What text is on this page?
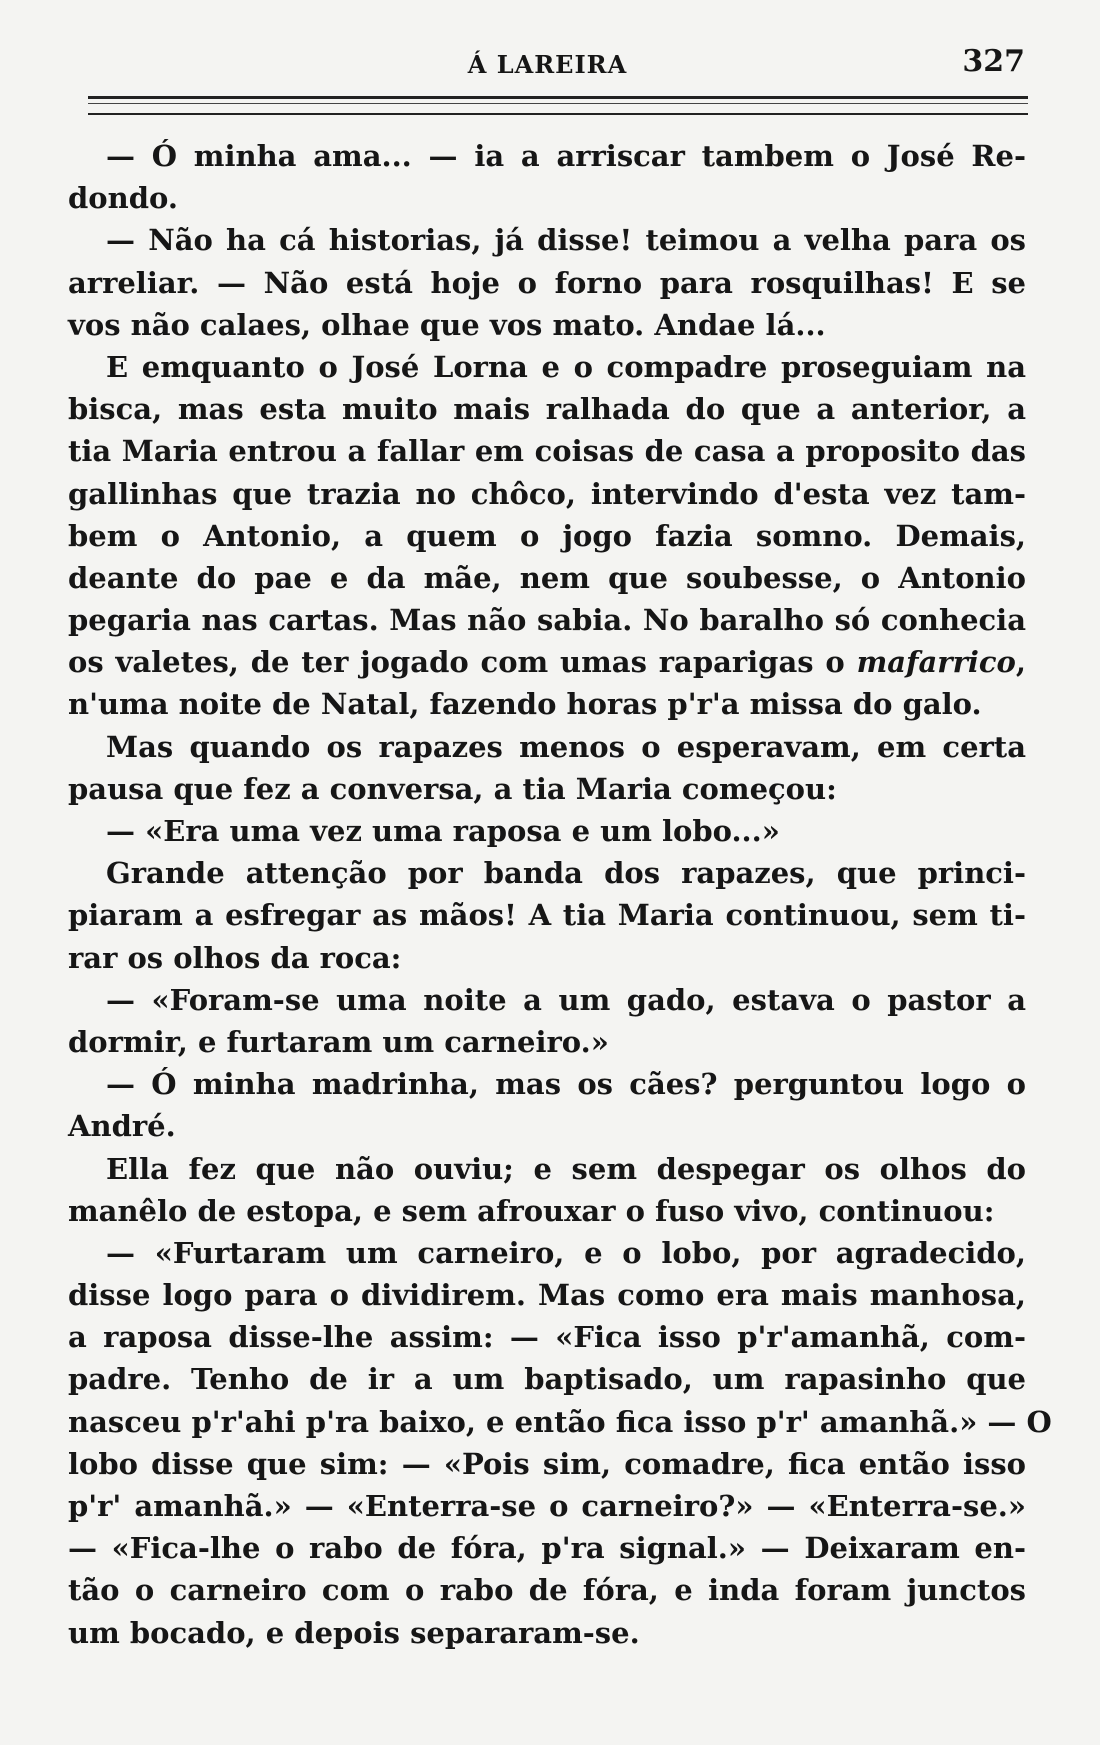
Á LAREIRA	327
— Ó minha ama... — ia a arriscar tambem o José Re-
dondo.
— Não ha cá historias, já disse! teimou a velha para os
arreliar. — Não está hoje o forno para rosquilhas! E se
vos não calaes, olhae que vos mato. Andae lá...
E emquanto o José Lorna e o compadre proseguiam na
bisca, mas esta muito mais ralhada do que a anterior, a
tia Maria entrou a fallar em coisas de casa a proposito das
gallinhas que trazia no chôco, intervindo d'esta vez tam-
bem o Antonio, a quem o jogo fazia somno. Demais,
deante do pae e da mãe, nem que soubesse, o Antonio
pegaria nas cartas. Mas não sabia. No baralho só conhecia
os valetes, de ter jogado com umas raparigas o mafarrico,
n'uma noite de Natal, fazendo horas p'r'a missa do galo.
Mas quando os rapazes menos o esperavam, em certa
pausa que fez a conversa, a tia Maria começou:
— «Era uma vez uma raposa e um lobo...»
Grande attenção por banda dos rapazes, que princi-
piaram a esfregar as mãos! A tia Maria continuou, sem ti-
rar os olhos da roca:
— «Foram-se uma noite a um gado, estava o pastor a
dormir, e furtaram um carneiro.»
— Ó minha madrinha, mas os cães? perguntou logo o
André.
Ella fez que não ouviu; e sem despegar os olhos do
manêlo de estopa, e sem afrouxar o fuso vivo, continuou:
— «Furtaram um carneiro, e o lobo, por agradecido,
disse logo para o dividirem. Mas como era mais manhosa,
a raposa disse-lhe assim: — «Fica isso p'r'amanhã, com-
padre. Tenho de ir a um baptisado, um rapasinho que
nasceu p'r'ahi p'ra baixo, e então fica isso p'r' amanhã.» — O
lobo disse que sim: — «Pois sim, comadre, fica então isso
p'r' amanhã.» — «Enterra-se o carneiro?» — «Enterra-se.»
— «Fica-lhe o rabo de fóra, p'ra signal.» — Deixaram en-
tão o carneiro com o rabo de fóra, e inda foram junctos
um bocado, e depois separaram-se.
